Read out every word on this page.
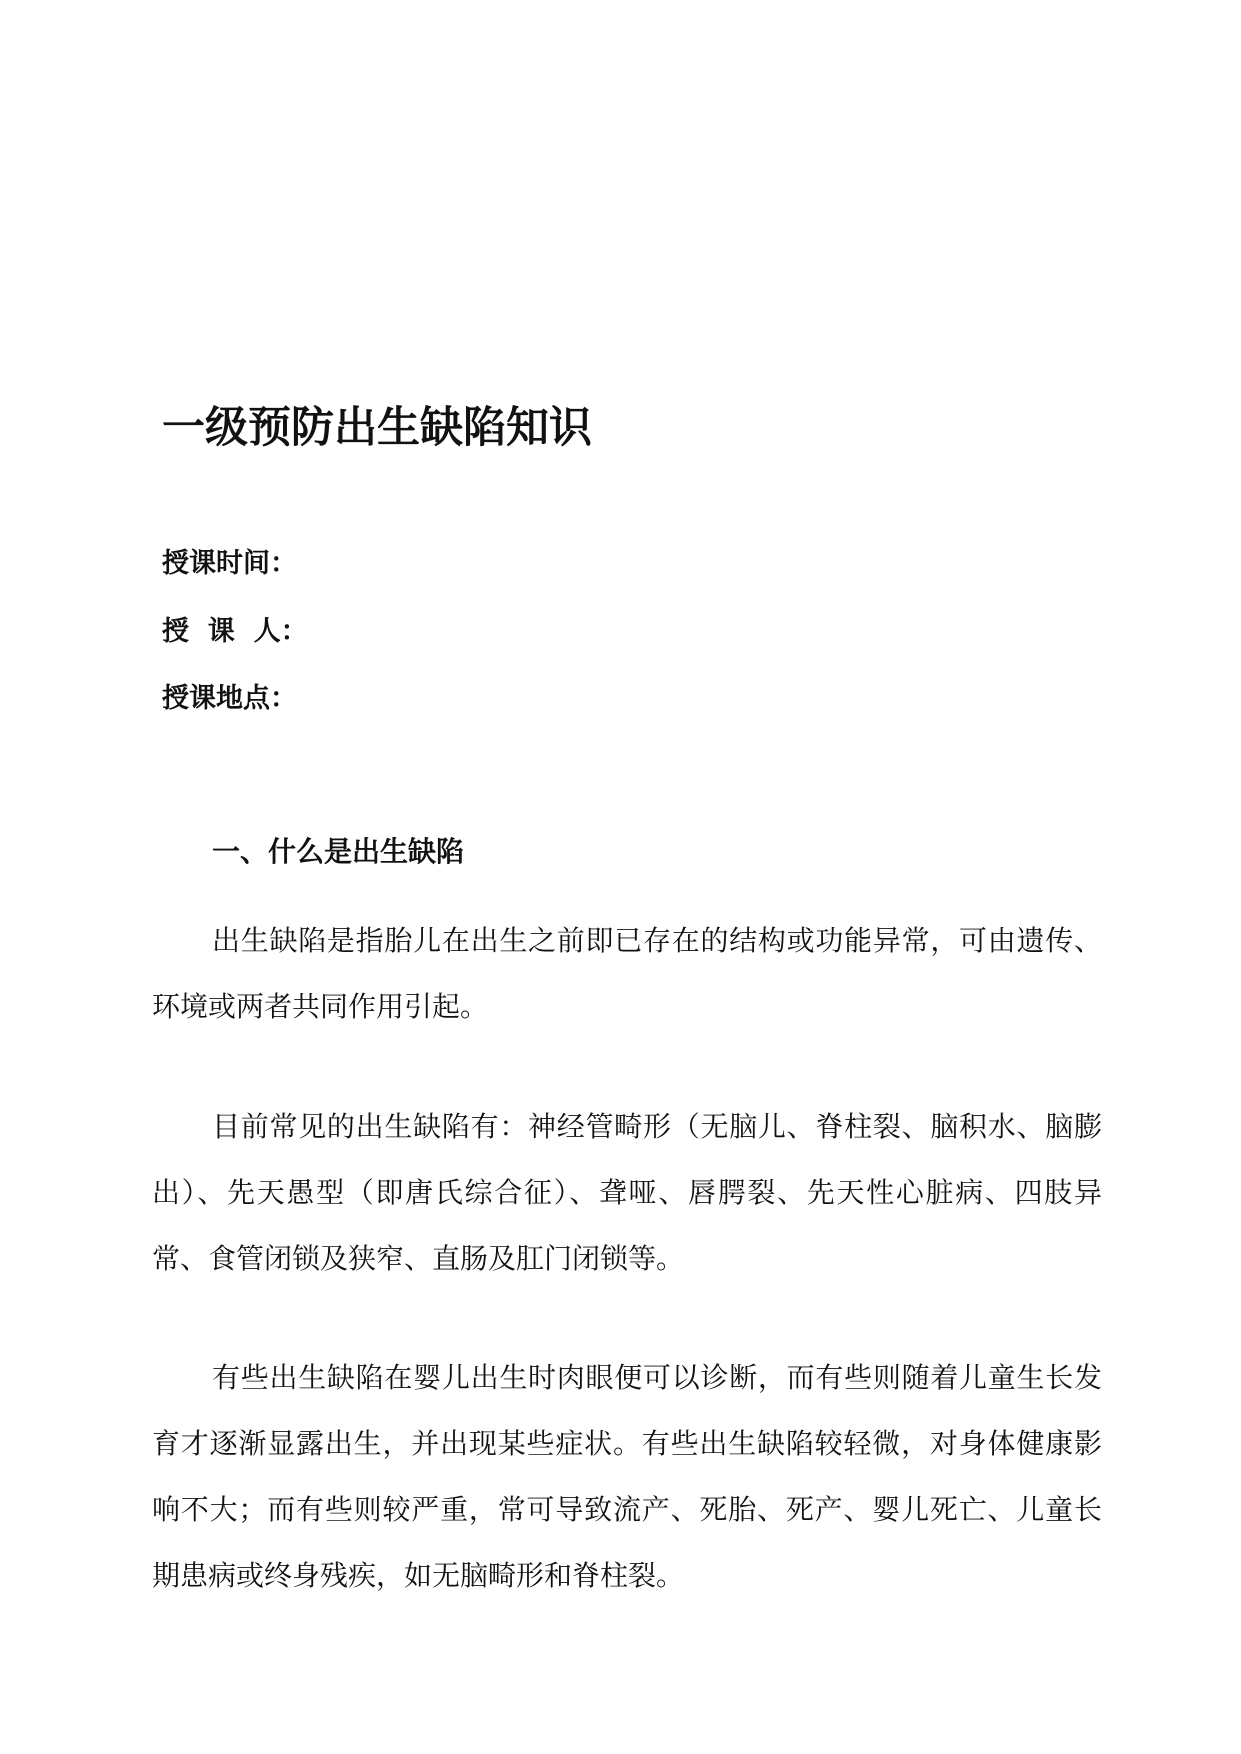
一级预防出生缺陷知识

授课时间：

授  课  人：

授课地点：

一、什么是出生缺陷

出生缺陷是指胎儿在出生之前即已存在的结构或功能异常，可由遗传、环境或两者共同作用引起。

目前常见的出生缺陷有：神经管畸形（无脑儿、脊柱裂、脑积水、脑膨出）、先天愚型（即唐氏综合征）、聋哑、唇腭裂、先天性心脏病、四肢异常、食管闭锁及狭窄、直肠及肛门闭锁等。

有些出生缺陷在婴儿出生时肉眼便可以诊断，而有些则随着儿童生长发育才逐渐显露出生，并出现某些症状。有些出生缺陷较轻微，对身体健康影响不大；而有些则较严重，常可导致流产、死胎、死产、婴儿死亡、儿童长期患病或终身残疾，如无脑畸形和脊柱裂。
